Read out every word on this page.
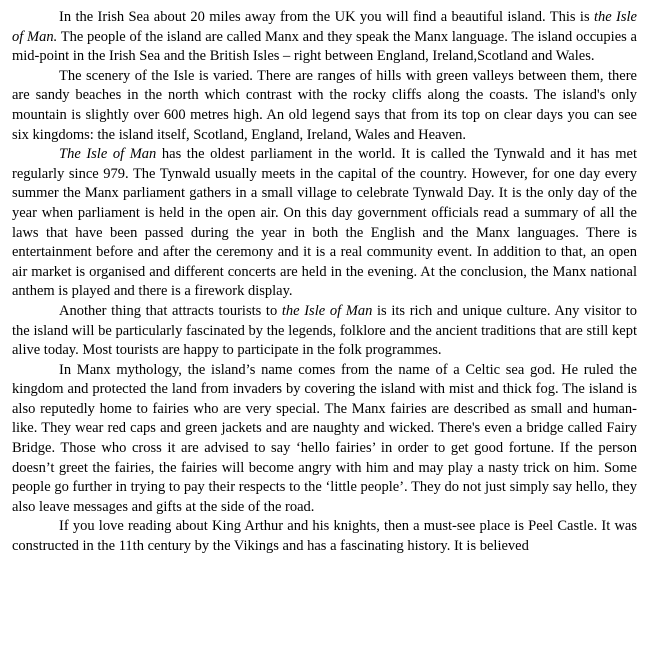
In the Irish Sea about 20 miles away from the UK you will find a beautiful island. This is the Isle of Man. The people of the island are called Manx and they speak the Manx language. The island occupies a mid-point in the Irish Sea and the British Isles – right between England, Ireland,Scotland and Wales.

The scenery of the Isle is varied. There are ranges of hills with green valleys between them, there are sandy beaches in the north which contrast with the rocky cliffs along the coasts. The island's only mountain is slightly over 600 metres high. An old legend says that from its top on clear days you can see six kingdoms: the island itself, Scotland, England, Ireland, Wales and Heaven.

The Isle of Man has the oldest parliament in the world. It is called the Tynwald and it has met regularly since 979. The Tynwald usually meets in the capital of the country. However, for one day every summer the Manx parliament gathers in a small village to celebrate Tynwald Day. It is the only day of the year when parliament is held in the open air. On this day government officials read a summary of all the laws that have been passed during the year in both the English and the Manx languages. There is entertainment before and after the ceremony and it is a real community event. In addition to that, an open air market is organised and different concerts are held in the evening. At the conclusion, the Manx national anthem is played and there is a firework display.

Another thing that attracts tourists to the Isle of Man is its rich and unique culture. Any visitor to the island will be particularly fascinated by the legends, folklore and the ancient traditions that are still kept alive today. Most tourists are happy to participate in the folk programmes.

In Manx mythology, the island’s name comes from the name of a Celtic sea god. He ruled the kingdom and protected the land from invaders by covering the island with mist and thick fog. The island is also reputedly home to fairies who are very special. The Manx fairies are described as small and human-like. They wear red caps and green jackets and are naughty and wicked. There's even a bridge called Fairy Bridge. Those who cross it are advised to say ‘hello fairies’ in order to get good fortune. If the person doesn’t greet the fairies, the fairies will become angry with him and may play a nasty trick on him. Some people go further in trying to pay their respects to the ‘little people’. They do not just simply say hello, they also leave messages and gifts at the side of the road.

If you love reading about King Arthur and his knights, then a must-see place is Peel Castle. It was constructed in the 11th century by the Vikings and has a fascinating history. It is believed
